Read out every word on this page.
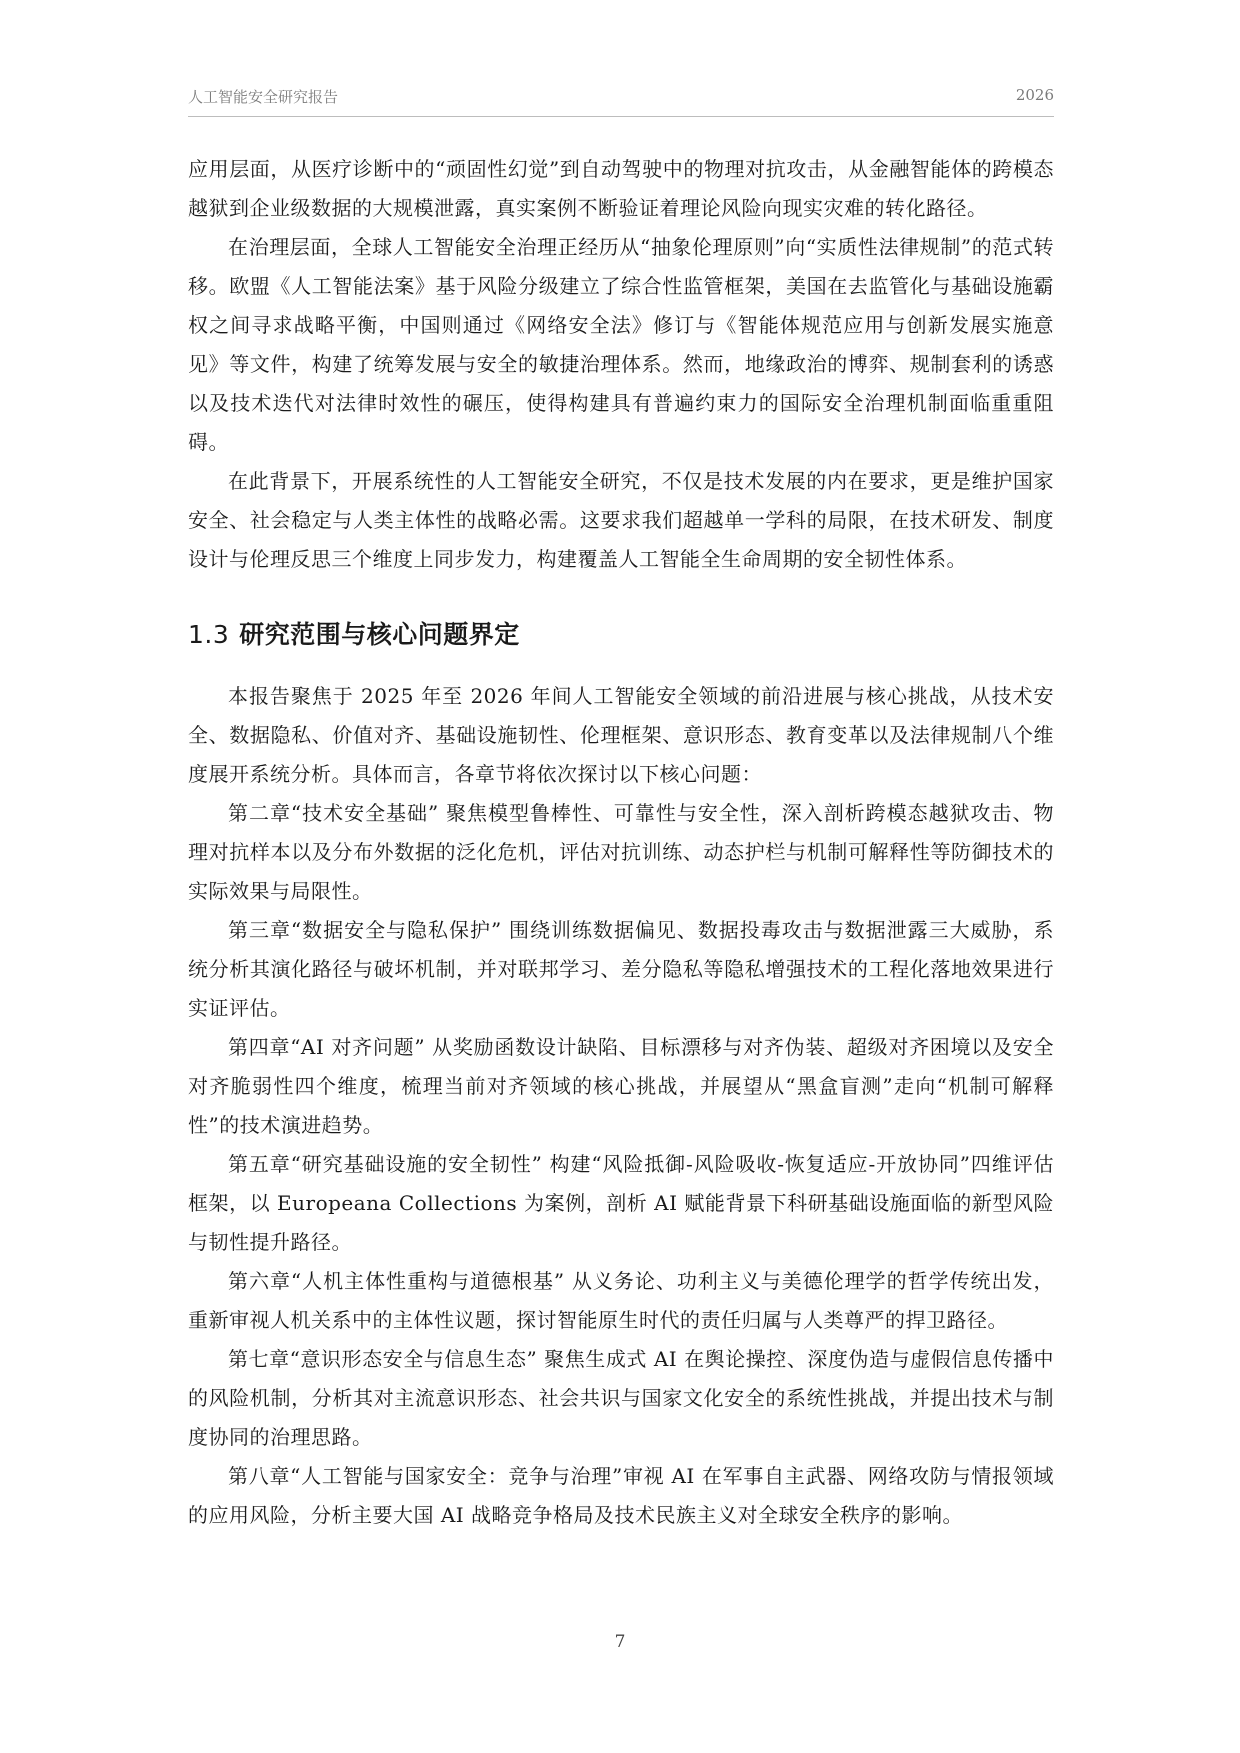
人工智能安全研究报告	2026

应用层面，从医疗诊断中的“顽固性幻觉”到自动驾驶中的物理对抗攻击，从金融智能体的跨模态越狱到企业级数据的大规模泄露，真实案例不断验证着理论风险向现实灾难的转化路径。

在治理层面，全球人工智能安全治理正经历从“抽象伦理原则”向“实质性法律规制”的范式转移。欧盟《人工智能法案》基于风险分级建立了综合性监管框架，美国在去监管化与基础设施霸权之间寻求战略平衡，中国则通过《网络安全法》修订与《智能体规范应用与创新发展实施意见》等文件，构建了统筹发展与安全的敏捷治理体系。然而，地缘政治的博弈、规制套利的诱惑以及技术迭代对法律时效性的碾压，使得构建具有普遍约束力的国际安全治理机制面临重重阻碍。

在此背景下，开展系统性的人工智能安全研究，不仅是技术发展的内在要求，更是维护国家安全、社会稳定与人类主体性的战略必需。这要求我们超越单一学科的局限，在技术研发、制度设计与伦理反思三个维度上同步发力，构建覆盖人工智能全生命周期的安全韧性体系。

1.3 研究范围与核心问题界定

本报告聚焦于 2025 年至 2026 年间人工智能安全领域的前沿进展与核心挑战，从技术安全、数据隐私、价值对齐、基础设施韧性、伦理框架、意识形态、教育变革以及法律规制八个维度展开系统分析。具体而言，各章节将依次探讨以下核心问题：

第二章“技术安全基础” 聚焦模型鲁棒性、可靠性与安全性，深入剖析跨模态越狱攻击、物理对抗样本以及分布外数据的泛化危机，评估对抗训练、动态护栏与机制可解释性等防御技术的实际效果与局限性。

第三章“数据安全与隐私保护” 围绕训练数据偏见、数据投毒攻击与数据泄露三大威胁，系统分析其演化路径与破坏机制，并对联邦学习、差分隐私等隐私增强技术的工程化落地效果进行实证评估。

第四章“AI 对齐问题” 从奖励函数设计缺陷、目标漂移与对齐伪装、超级对齐困境以及安全对齐脆弱性四个维度，梳理当前对齐领域的核心挑战，并展望从“黑盒盲测”走向“机制可解释性”的技术演进趋势。

第五章“研究基础设施的安全韧性” 构建“风险抵御-风险吸收-恢复适应-开放协同”四维评估框架，以 Europeana Collections 为案例，剖析 AI 赋能背景下科研基础设施面临的新型风险与韧性提升路径。

第六章“人机主体性重构与道德根基” 从义务论、功利主义与美德伦理学的哲学传统出发，重新审视人机关系中的主体性议题，探讨智能原生时代的责任归属与人类尊严的捍卫路径。

第七章“意识形态安全与信息生态” 聚焦生成式 AI 在舆论操控、深度伪造与虚假信息传播中的风险机制，分析其对主流意识形态、社会共识与国家文化安全的系统性挑战，并提出技术与制度协同的治理思路。

第八章“人工智能与国家安全：竞争与治理”审视 AI 在军事自主武器、网络攻防与情报领域的应用风险，分析主要大国 AI 战略竞争格局及技术民族主义对全球安全秩序的影响。

7
